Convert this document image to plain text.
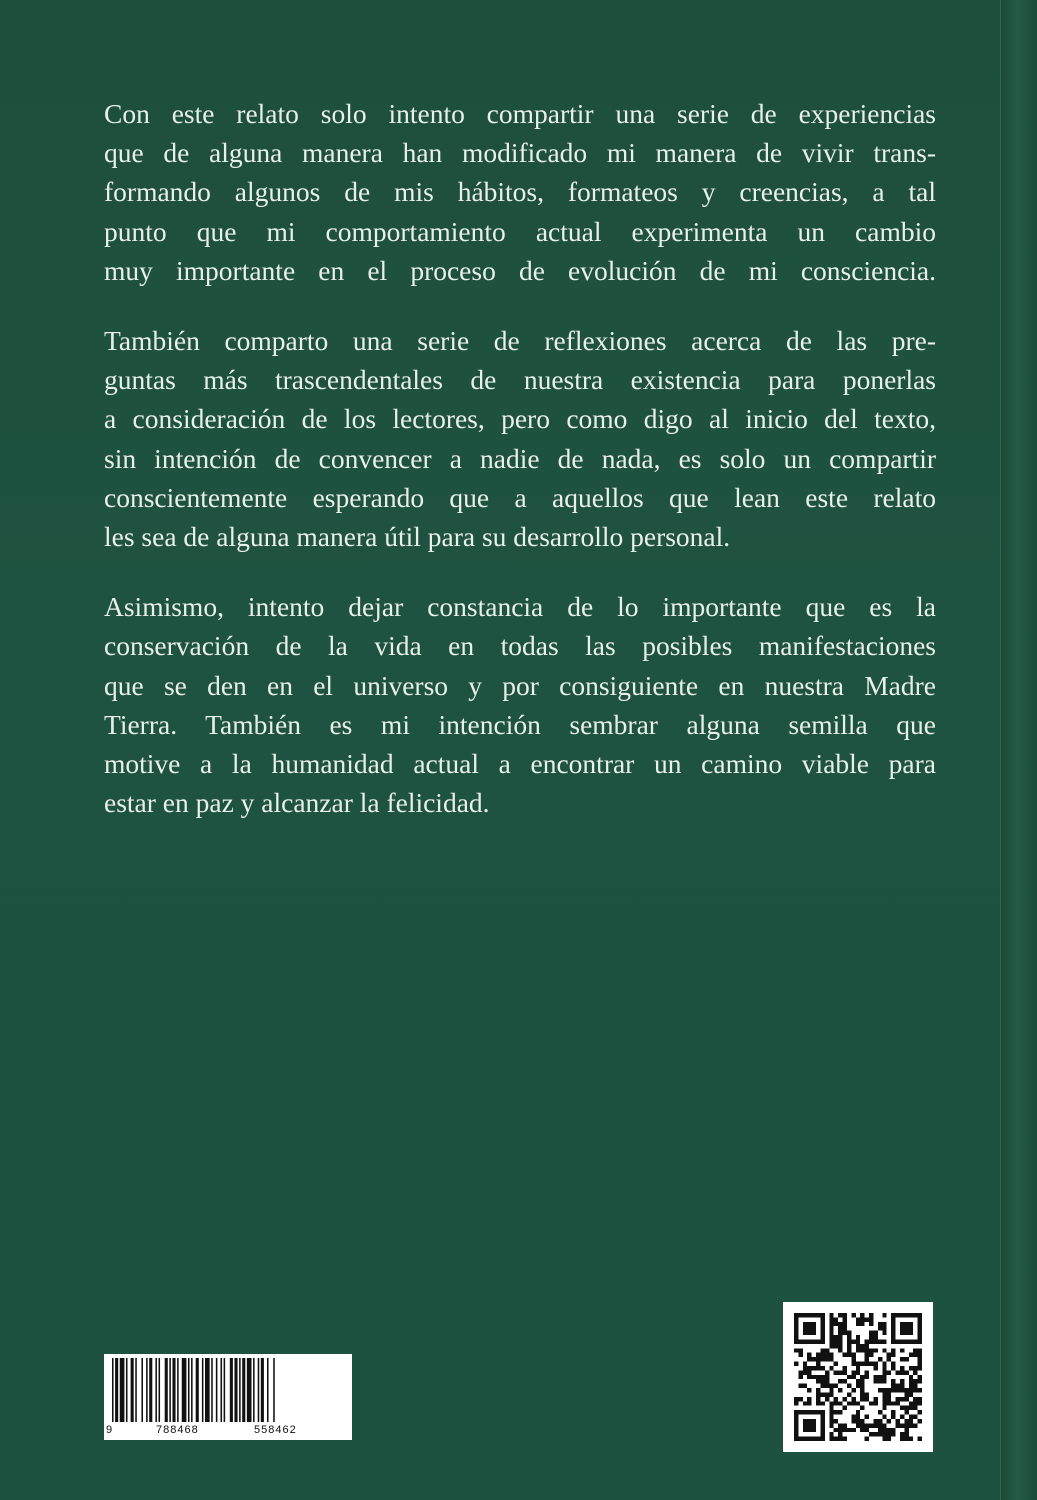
Con este relato solo intento compartir una serie de experiencias
que de alguna manera han modificado mi manera de vivir trans-
formando algunos de mis hábitos, formateos y creencias, a tal
punto que mi comportamiento actual experimenta un cambio
muy importante en el proceso de evolución de mi consciencia.

También comparto una serie de reflexiones acerca de las pre-
guntas más trascendentales de nuestra existencia para ponerlas
a consideración de los lectores, pero como digo al inicio del texto,
sin intención de convencer a nadie de nada, es solo un compartir
conscientemente esperando que a aquellos que lean este relato
les sea de alguna manera útil para su desarrollo personal.

Asimismo, intento dejar constancia de lo importante que es la
conservación de la vida en todas las posibles manifestaciones
que se den en el universo y por consiguiente en nuestra Madre
Tierra. También es mi intención sembrar alguna semilla que
motive a la humanidad actual a encontrar un camino viable para
estar en paz y alcanzar la felicidad.

9	788468	558462
